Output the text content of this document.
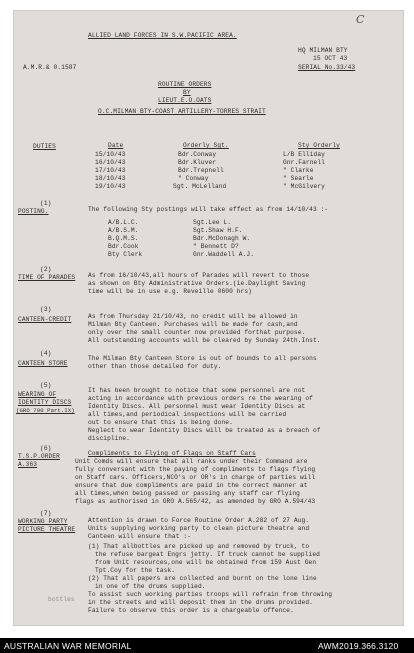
C
ALLIED LAND FORCES IN S.W.PACIFIC AREA.
HQ MILMAN BTY
15 OCT 43
A.M.R.& 0.1587	SERIAL No.33/43
ROUTINE ORDERS
BY
LIEUT.E.O.OATS
O.C.MILMAN BTY-COAST ARTILLERY-TORRES STRAIT
DUTIES	Date	Orderly Sgt.	Sty Orderly
15/10/43	Bdr.Conway	L/B Elliday
16/10/43	Bdr.Kluver	Gnr.Farnell
17/10/43	Bdr.Trepnell	" Clarke
18/10/43	" Conway	" Searle
19/10/43	Sgt. McLelland	" McGilvery
(1)
POSTING.	The following Sty postings will take effect as from 14/10/43 :-
A/B.L.C.	Sgt.Lee L.
A/B.S.M.	Sgt.Shaw H.F.
B.Q.M.S.	Bdr.McDonagh W.
Bdr.Cook	" Bennett D?
Bty Clerk	Gnr.Waddell A.J.
(2)
TIME OF PARADES As from 16/10/43,all hours of Parades will revert to those
as shown on Bty Administrative Orders.(ie.Daylight Saving
time will be in use e.g. Reveille 0600 hrs)
(3)
CANTEEN-CREDIT	As from Thursday 21/10/43, no credit will be allowed in
Milman Bty Canteen. Purchases will be made for cash,and
only over the small counter now provided forthat purpose.
All outstanding accounts will be cleared by Sunday 24th.Inst.
(4)
CANTEEN STORE
The Milman Bty Canteen Store is out of bounds to all persons
other than those detailed for duty.
(5)
WEARING OF
IDENTITY DISCS
(GRO 790 Part.IX)
It has been brought to notice that some personnel are not
acting in accordance with previous orders re the wearing of
Identity Discs. All personnel must wear Identity Discs at
all times,and periodical inspections will be carried
out to ensure that this is being done.
Neglect to wear Identity Discs will be treated as a breach of
discipline.
(6)
T.S.P.ORDER
A.363
Compliments to Flying of Flags on Staff Cars
Unit Comds will ensure that all ranks under their Command are
fully conversant with the paying of compliments to flags flying
on Staff cars. Officers,NCO's or OR's in charge of parties will
ensure that due compliments are paid in the correct manner at
all times,when being passed or passing any staff car flying
flags as authorised in GRO A.565/42, as amended by GRO A.594/43
(7)
WORKING PARTY
PICTURE THEATRE
Attention is drawn to Force Routine Order A.282 of 27 Aug.
Units supplying working party to clean picture theatre and
Canteen will ensure that :-
(1) That allbottles are picked up and removed by truck, to
the refuse bargeat Engrs jetty. If truck cannot be supplied
from Unit resources,one will be obtained from 159 Aust Gen
Tpt.Coy for the task.
(2) That all papers are collected and burnt on the lone line
in one of the drums supplied.
To assist such working parties troops will refrain from throwing
in the streets and will deposit them in the drums provided.
Failure to observe this order is a chargeable offence.
bottles
AUSTRALIAN WAR MEMORIAL	AWM2019.366.3120
